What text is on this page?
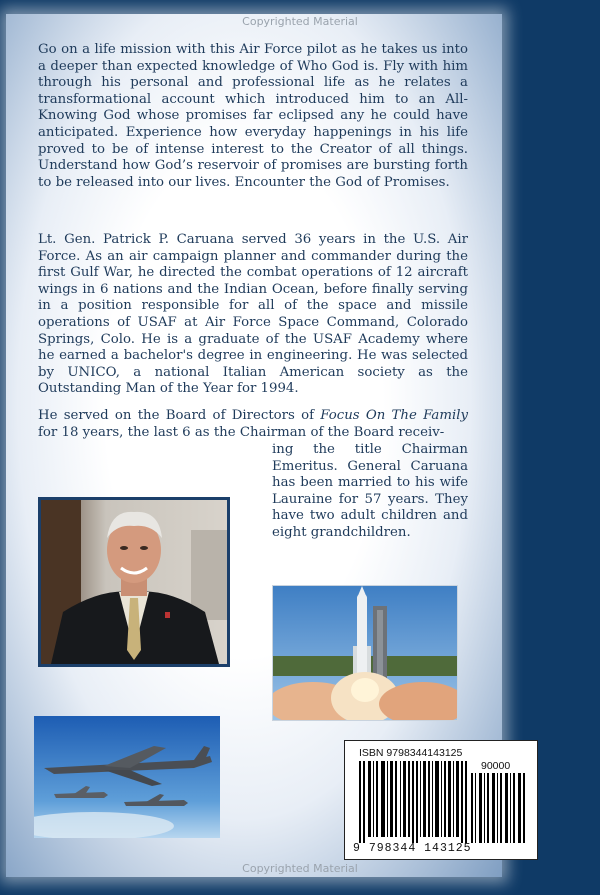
Copyrighted Material
Go on a life mission with this Air Force pilot as he takes us into a deeper than expected knowledge of Who God is. Fly with him through his personal and professional life as he relates a transformational account which introduced him to an All-Knowing God whose promises far eclipsed any he could have anticipated. Experience how everyday happenings in his life proved to be of intense interest to the Creator of all things. Understand how God’s reservoir of promises are bursting forth to be released into our lives. Encounter the God of Promises.
Lt. Gen. Patrick P. Caruana served 36 years in the U.S. Air Force. As an air campaign planner and commander during the first Gulf War, he directed the combat operations of 12 aircraft wings in 6 nations and the Indian Ocean, before finally serving in a position responsible for all of the space and missile operations of USAF at Air Force Space Command, Colorado Springs, Colo. He is a graduate of the USAF Academy where he earned a bachelor's degree in engineering. He was selected by UNICO, a national Italian American society as the Outstanding Man of the Year for 1994.
He served on the Board of Directors of Focus On The Family for 18 years, the last 6 as the Chairman of the Board receiv-
ing the title Chairman Emeritus. General Caruana has been married to his wife Lauraine for 57 years. They have two adult children and eight grandchildren.
ISBN 9798344143125
90000
9 798344 143125
Copyrighted Material
